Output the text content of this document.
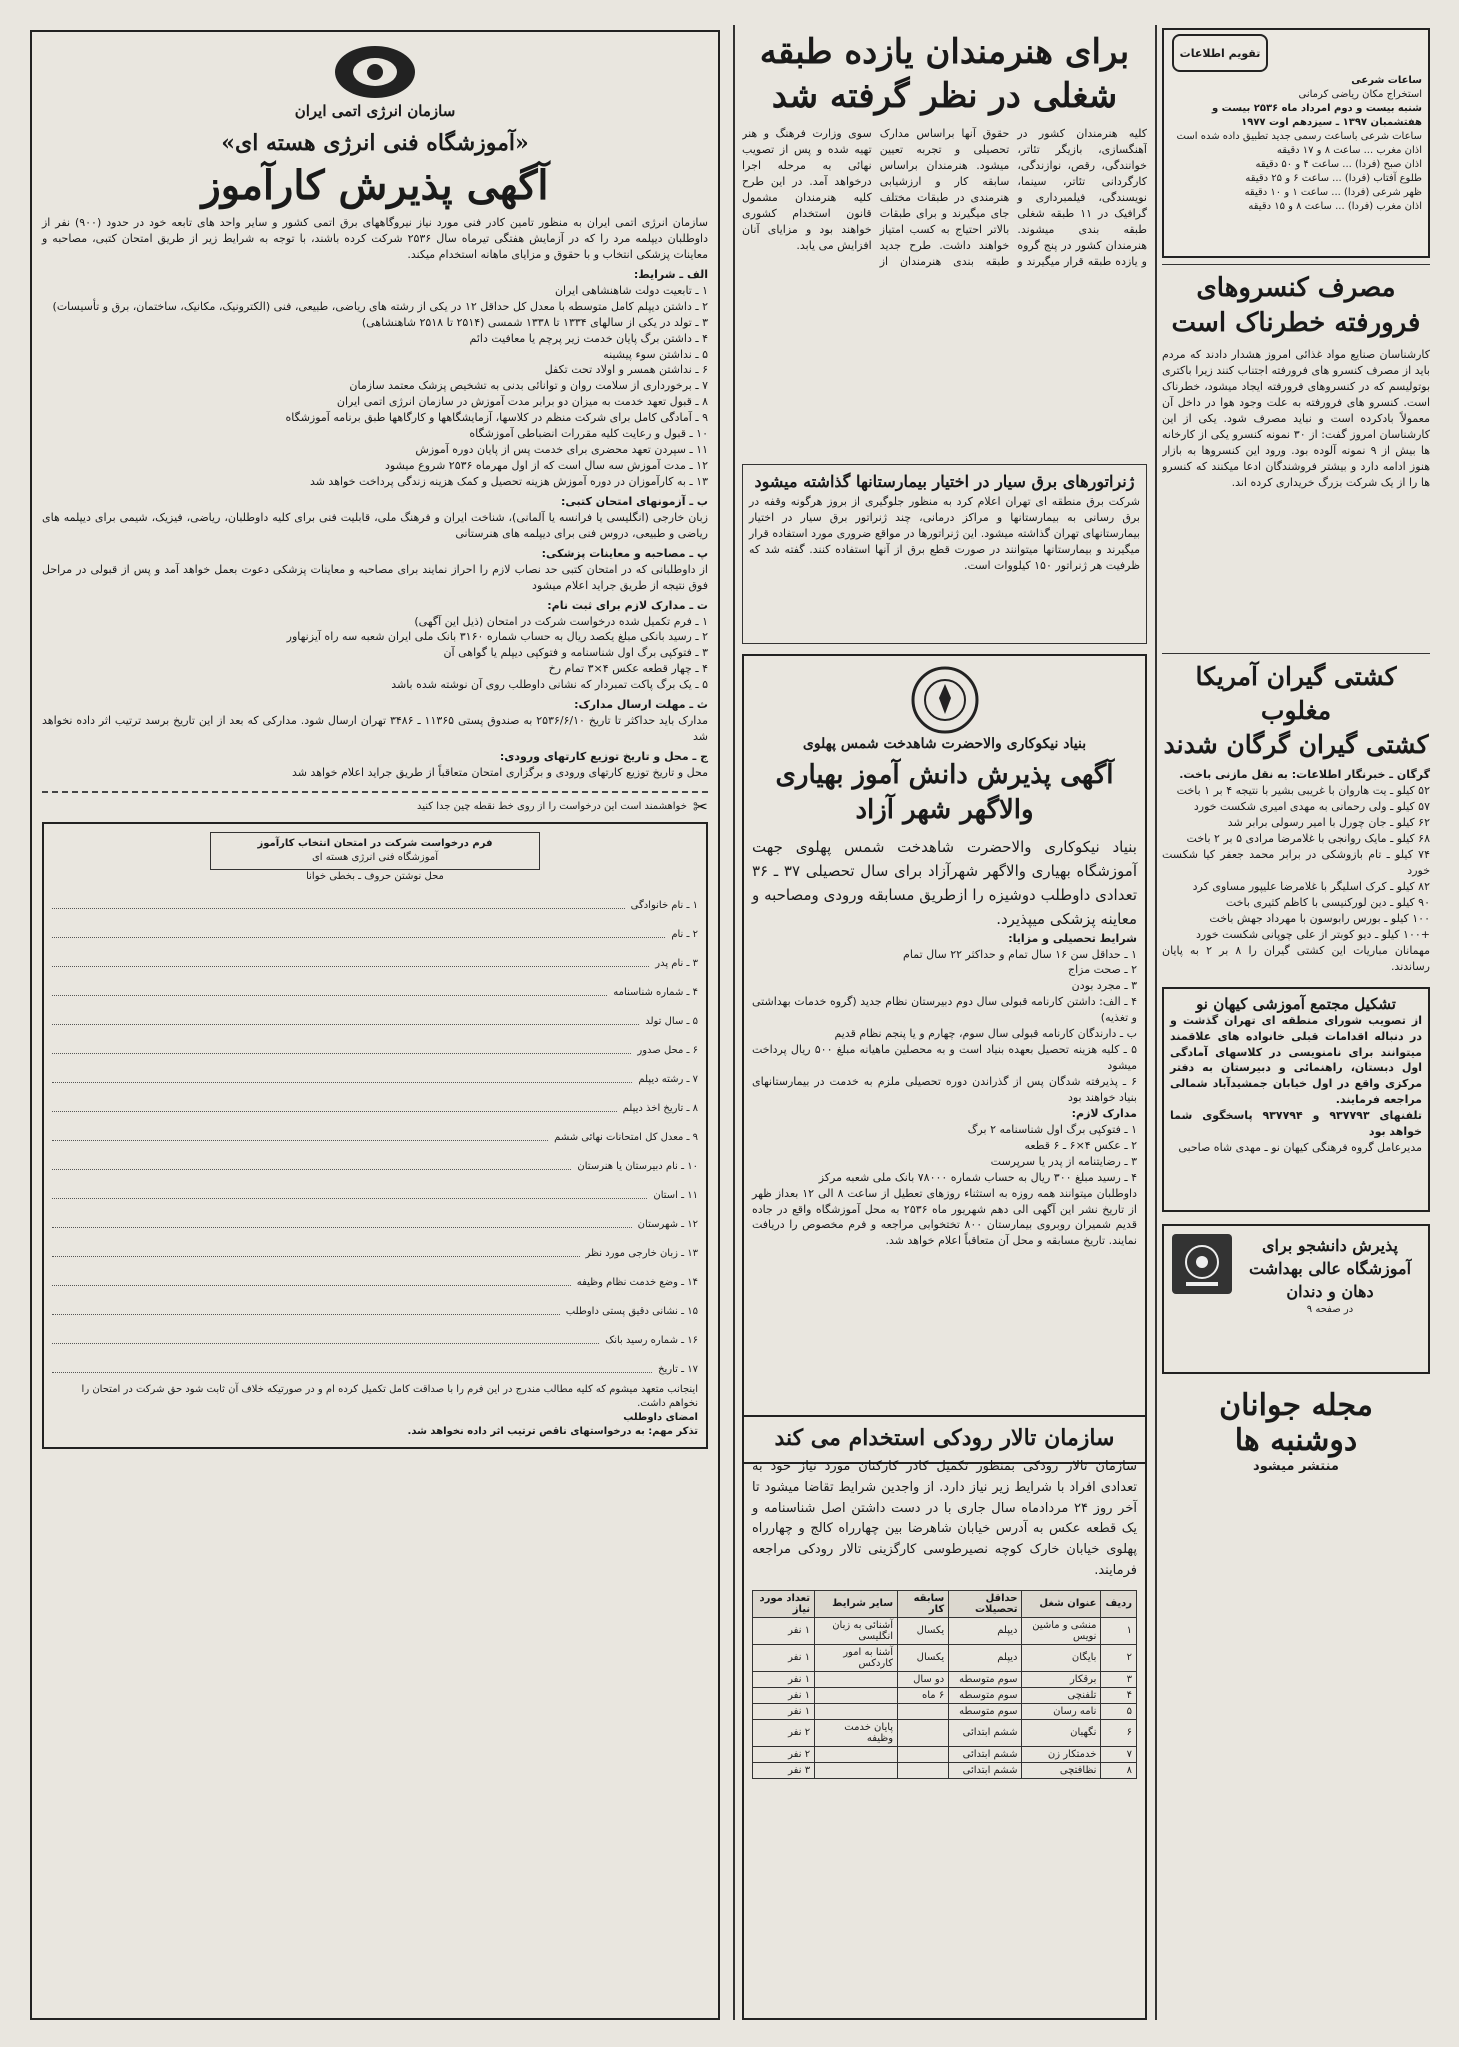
تقویم اطلاعات

ساعات شرعی

استخراج مکان ریاضی کرمانی

شنبه بیست و دوم امرداد ماه ۲۵۳۶ بیست و هفتشمبان ۱۳۹۷ ـ سیزدهم اوت ۱۹۷۷

ساعات شرعی باساعت رسمی جدید تطبیق داده شده است

اذان مغرب ... ساعت ۸ و ۱۷ دقیقه

اذان صبح (فردا) ... ساعت ۴ و ۵۰ دقیقه

طلوع آفتاب (فردا) ... ساعت ۶ و ۲۵ دقیقه

ظهر شرعی (فردا) ... ساعت ۱ و ۱۰ دقیقه

اذان مغرب (فردا) ... ساعت ۸ و ۱۵ دقیقه

مصرف کنسروهای فرورفته خطرناک است

کارشناسان صنایع مواد غذائی امروز هشدار دادند که مردم باید از مصرف کنسرو های فرورفته اجتناب کنند زیرا باکتری بوتولیسم که در کنسروهای فرورفته ایجاد میشود، خطرناک است. کنسرو های فرورفته به علت وجود هوا در داخل آن معمولاً بادکرده است و نباید مصرف شود. یکی از این کارشناسان امروز گفت: از ۳۰ نمونه کنسرو یکی از کارخانه ها بیش از ۹ نمونه آلوده بود. ورود این کنسروها به بازار هنوز ادامه دارد و بیشتر فروشندگان ادعا میکنند که کنسرو ها را از یک شرکت بزرگ خریداری کرده اند.

کشتی گیران آمریکا مغلوب
کشتی گیران گرگان شدند

گرگان ـ خبرنگار اطلاعات: به نقل مازنی باخت.

۵۲ کیلو ـ یت هاروان با غریبی بشیر با نتیجه ۴ بر ۱ باخت

۵۷ کیلو ـ ولی رحمانی به مهدی امیری شکست خورد

۶۲ کیلو ـ جان چورل با امیر رسولی برابر شد

۶۸ کیلو ـ مایک روانجی با غلامرضا مرادی ۵ بر ۲ باخت

۷۴ کیلو ـ تام بازوشکی در برابر محمد جعفر کیا شکست خورد

۸۲ کیلو ـ کرک اسلیگر با غلامرضا علیپور مساوی کرد

۹۰ کیلو ـ دین لورکنیسی با کاظم کثیری باخت

۱۰۰ کیلو ـ بورس رابوسون با مهرداد جهش باخت

+۱۰۰ کیلو ـ دیو کوبتر از علی چوپانی شکست خورد

مهمانان مباریات این کشتی گیران را ۸ بر ۲ به پایان رساندند.

تشکیل مجتمع آموزشی کیهان نو

از تصویب شورای منطقه ای تهران گذشت و در دنباله اقدامات قبلی خانواده های علاقمند میتوانند برای نامنویسی در کلاسهای آمادگی اول دبستان، راهنمائی و دبیرستان به دفتر مرکزی واقع در اول خیابان جمشیدآباد شمالی مراجعه فرمایند.

تلفنهای ۹۳۷۷۹۳ و ۹۳۷۷۹۴ پاسخگوی شما خواهد بود

مدیرعامل گروه فرهنگی کیهان نو ـ مهدی شاه صاحبی

پذیرش دانشجو برای آموزشگاه عالی بهداشت دهان و دندان

در صفحه ۹

مجله جوانان

دوشنبه ها

منتشر میشود

برای هنرمندان یازده طبقه شغلی در نظر گرفته شد

کلیه هنرمندان کشور در آهنگسازی، بازیگر تئاتر، خوانندگی، رقص، نوازندگی، کارگردانی تئاتر، سینما، نویسندگی، فیلمبرداری و گرافیک در ۱۱ طبقه شغلی طبقه بندی میشوند. هنرمندان کشور در پنج گروه و یازده طبقه قرار میگیرند و حقوق آنها براساس مدارک تحصیلی و تجربه تعیین میشود. هنرمندان براساس سابقه کار و ارزشیابی هنرمندی در طبقات مختلف جای میگیرند و برای طبقات بالاتر احتیاج به کسب امتیاز خواهند داشت. طرح جدید طبقه بندی هنرمندان از سوی وزارت فرهنگ و هنر تهیه شده و پس از تصویب نهائی به مرحله اجرا درخواهد آمد. در این طرح کلیه هنرمندان مشمول قانون استخدام کشوری خواهند بود و مزایای آنان افزایش می یابد.

ژنراتورهای برق سیار در اختیار بیمارستانها گذاشته میشود

شرکت برق منطقه ای تهران اعلام کرد به منظور جلوگیری از بروز هرگونه وقفه در برق رسانی به بیمارستانها و مراکز درمانی، چند ژنراتور برق سیار در اختیار بیمارستانهای تهران گذاشته میشود. این ژنراتورها در مواقع ضروری مورد استفاده قرار میگیرند و بیمارستانها میتوانند در صورت قطع برق از آنها استفاده کنند. گفته شد که ظرفیت هر ژنراتور ۱۵۰ کیلووات است.

بنیاد نیکوکاری والاحضرت شاهدخت شمس پهلوی

آگهی پذیرش دانش آموز بهیاری والاگهر شهر آزاد

بنیاد نیکوکاری والاحضرت شاهدخت شمس پهلوی جهت آموزشگاه بهیاری والاگهر شهرآزاد برای سال تحصیلی ۳۷ ـ ۳۶ تعدادی داوطلب دوشیزه را ازطریق مسابقه ورودی ومصاحبه و معاینه پزشکی میپذیرد.

شرایط تحصیلی و مزایا:

۱ ـ حداقل سن ۱۶ سال تمام و حداکثر ۲۲ سال تمام

۲ ـ صحت مزاج

۳ ـ مجرد بودن

۴ ـ الف: داشتن کارنامه قبولی سال دوم دبیرستان نظام جدید (گروه خدمات بهداشتی و تغذیه)

ب ـ دارندگان کارنامه قبولی سال سوم، چهارم و یا پنجم نظام قدیم

۵ ـ کلیه هزینه تحصیل بعهده بنیاد است و به محصلین ماهیانه مبلغ ۵۰۰ ریال پرداخت میشود

۶ ـ پذیرفته شدگان پس از گذراندن دوره تحصیلی ملزم به خدمت در بیمارستانهای بنیاد خواهند بود

مدارک لازم:

۱ ـ فتوکپی برگ اول شناسنامه ۲ برگ

۲ ـ عکس ۴×۶ ـ ۶ قطعه

۳ ـ رضایتنامه از پدر یا سرپرست

۴ ـ رسید مبلغ ۳۰۰ ریال به حساب شماره ۷۸۰۰۰ بانک ملی شعبه مرکز

داوطلبان میتوانند همه روزه به استثناء روزهای تعطیل از ساعت ۸ الی ۱۲ بعداز ظهر از تاریخ نشر این آگهی الی دهم شهریور ماه ۲۵۳۶ به محل آموزشگاه واقع در جاده قدیم شمیران روبروی بیمارستان ۸۰۰ تختخوابی مراجعه و فرم مخصوص را دریافت نمایند. تاریخ مسابقه و محل آن متعاقباً اعلام خواهد شد.

سازمان تالار رودکی استخدام می کند

سازمان تالار رودکی بمنظور تکمیل کادر کارکنان مورد نیاز خود به تعدادی افراد با شرایط زیر نیاز دارد. از واجدین شرایط تقاضا میشود تا آخر روز ۲۴ مردادماه سال جاری با در دست داشتن اصل شناسنامه و یک قطعه عکس به آدرس خیابان شاهرضا بین چهارراه کالج و چهارراه پهلوی خیابان خارک کوچه نصیرطوسی کارگزینی تالار رودکی مراجعه فرمایند.

ردیف	عنوان شغل	حداقل تحصیلات	سابقه کار	سایر شرایط	تعداد مورد نیاز
۱	منشی و ماشین نویس	دیپلم	یکسال	آشنائی به زبان انگلیسی	۱ نفر
۲	بایگان	دیپلم	یکسال	آشنا به امور کاردکس	۱ نفر
۳	برقکار	سوم متوسطه	دو سال		۱ نفر
۴	تلفنچی	سوم متوسطه	۶ ماه		۱ نفر
۵	نامه رسان	سوم متوسطه			۱ نفر
۶	نگهبان	ششم ابتدائی		پایان خدمت وظیفه	۲ نفر
۷	خدمتکار زن	ششم ابتدائی			۲ نفر
۸	نظافتچی	ششم ابتدائی			۳ نفر

سازمان انرژی اتمی ایران

«آموزشگاه فنی انرژی هسته ای»

آگهی پذیرش کارآموز

سازمان انرژی اتمی ایران به منظور تامین کادر فنی مورد نیاز نیروگاههای برق اتمی کشور و سایر واحد های تابعه خود در حدود (۹۰۰) نفر از داوطلبان دیپلمه مرد را که در آزمایش هفتگی تیرماه سال ۲۵۳۶ شرکت کرده باشند، با توجه به شرایط زیر از طریق امتحان کتبی، مصاحبه و معاینات پزشکی انتخاب و با حقوق و مزایای ماهانه استخدام میکند.

الف ـ شرایط:

۱ ـ تابعیت دولت شاهنشاهی ایران

۲ ـ داشتن دیپلم کامل متوسطه با معدل کل حداقل ۱۲ در یکی از رشته های ریاضی، طبیعی، فنی (الکترونیک، مکانیک، ساختمان، برق و تأسیسات)

۳ ـ تولد در یکی از سالهای ۱۳۳۴ تا ۱۳۳۸ شمسی (۲۵۱۴ تا ۲۵۱۸ شاهنشاهی)

۴ ـ داشتن برگ پایان خدمت زیر پرچم یا معافیت دائم

۵ ـ نداشتن سوء پیشینه

۶ ـ نداشتن همسر و اولاد تحت تکفل

۷ ـ برخورداری از سلامت روان و توانائی بدنی به تشخیص پزشک معتمد سازمان

۸ ـ قبول تعهد خدمت به میزان دو برابر مدت آموزش در سازمان انرژی اتمی ایران

۹ ـ آمادگی کامل برای شرکت منظم در کلاسها، آزمایشگاهها و کارگاهها طبق برنامه آموزشگاه

۱۰ ـ قبول و رعایت کلیه مقررات انضباطی آموزشگاه

۱۱ ـ سپردن تعهد محضری برای خدمت پس از پایان دوره آموزش

۱۲ ـ مدت آموزش سه سال است که از اول مهرماه ۲۵۳۶ شروع میشود

۱۳ ـ به کارآموزان در دوره آموزش هزینه تحصیل و کمک هزینه زندگی پرداخت خواهد شد

ب ـ آزمونهای امتحان کتبی:

زبان خارجی (انگلیسی یا فرانسه یا آلمانی)، شناخت ایران و فرهنگ ملی، قابلیت فنی برای کلیه داوطلبان، ریاضی، فیزیک، شیمی برای دیپلمه های ریاضی و طبیعی، دروس فنی برای دیپلمه های هنرستانی

پ ـ مصاحبه و معاینات پزشکی:

از داوطلبانی که در امتحان کتبی حد نصاب لازم را احراز نمایند برای مصاحبه و معاینات پزشکی دعوت بعمل خواهد آمد و پس از قبولی در مراحل فوق نتیجه از طریق جراید اعلام میشود

ت ـ مدارک لازم برای ثبت نام:

۱ ـ فرم تکمیل شده درخواست شرکت در امتحان (ذیل این آگهی)

۲ ـ رسید بانکی مبلغ یکصد ریال به حساب شماره ۳۱۶۰ بانک ملی ایران شعبه سه راه آیزنهاور

۳ ـ فتوکپی برگ اول شناسنامه و فتوکپی دیپلم یا گواهی آن

۴ ـ چهار قطعه عکس ۴×۳ تمام رخ

۵ ـ یک برگ پاکت تمبردار که نشانی داوطلب روی آن نوشته شده باشد

ث ـ مهلت ارسال مدارک:

مدارک باید حداکثر تا تاریخ ۲۵۳۶/۶/۱۰ به صندوق پستی ۱۱۳۶۵ ـ ۳۴۸۶ تهران ارسال شود. مدارکی که بعد از این تاریخ برسد ترتیب اثر داده نخواهد شد

ج ـ محل و تاریخ توزیع کارتهای ورودی:

محل و تاریخ توزیع کارتهای ورودی و برگزاری امتحان متعاقباً از طریق جراید اعلام خواهد شد

✂

خواهشمند است این درخواست را از روی خط نقطه چین جدا کنید

فرم درخواست شرکت در امتحان انتخاب کارآموز

آموزشگاه فنی انرژی هسته ای

محل نوشتن حروف ـ بخطی خوانا

۱ ـ نام خانوادگی
۲ ـ نام
۳ ـ نام پدر
۴ ـ شماره شناسنامه
۵ ـ سال تولد
۶ ـ محل صدور
۷ ـ رشته دیپلم
۸ ـ تاریخ اخذ دیپلم
۹ ـ معدل کل امتحانات نهائی ششم
۱۰ ـ نام دبیرستان یا هنرستان
۱۱ ـ استان
۱۲ ـ شهرستان
۱۳ ـ زبان خارجی مورد نظر
۱۴ ـ وضع خدمت نظام وظیفه
۱۵ ـ نشانی دقیق پستی داوطلب
۱۶ ـ شماره رسید بانک
۱۷ ـ تاریخ

اینجانب متعهد میشوم که کلیه مطالب مندرج در این فرم را با صداقت کامل تکمیل کرده ام و در صورتیکه خلاف آن ثابت شود حق شرکت در امتحان را نخواهم داشت.

امضای داوطلب

تذکر مهم: به درخواستهای ناقص ترتیب اثر داده نخواهد شد.
